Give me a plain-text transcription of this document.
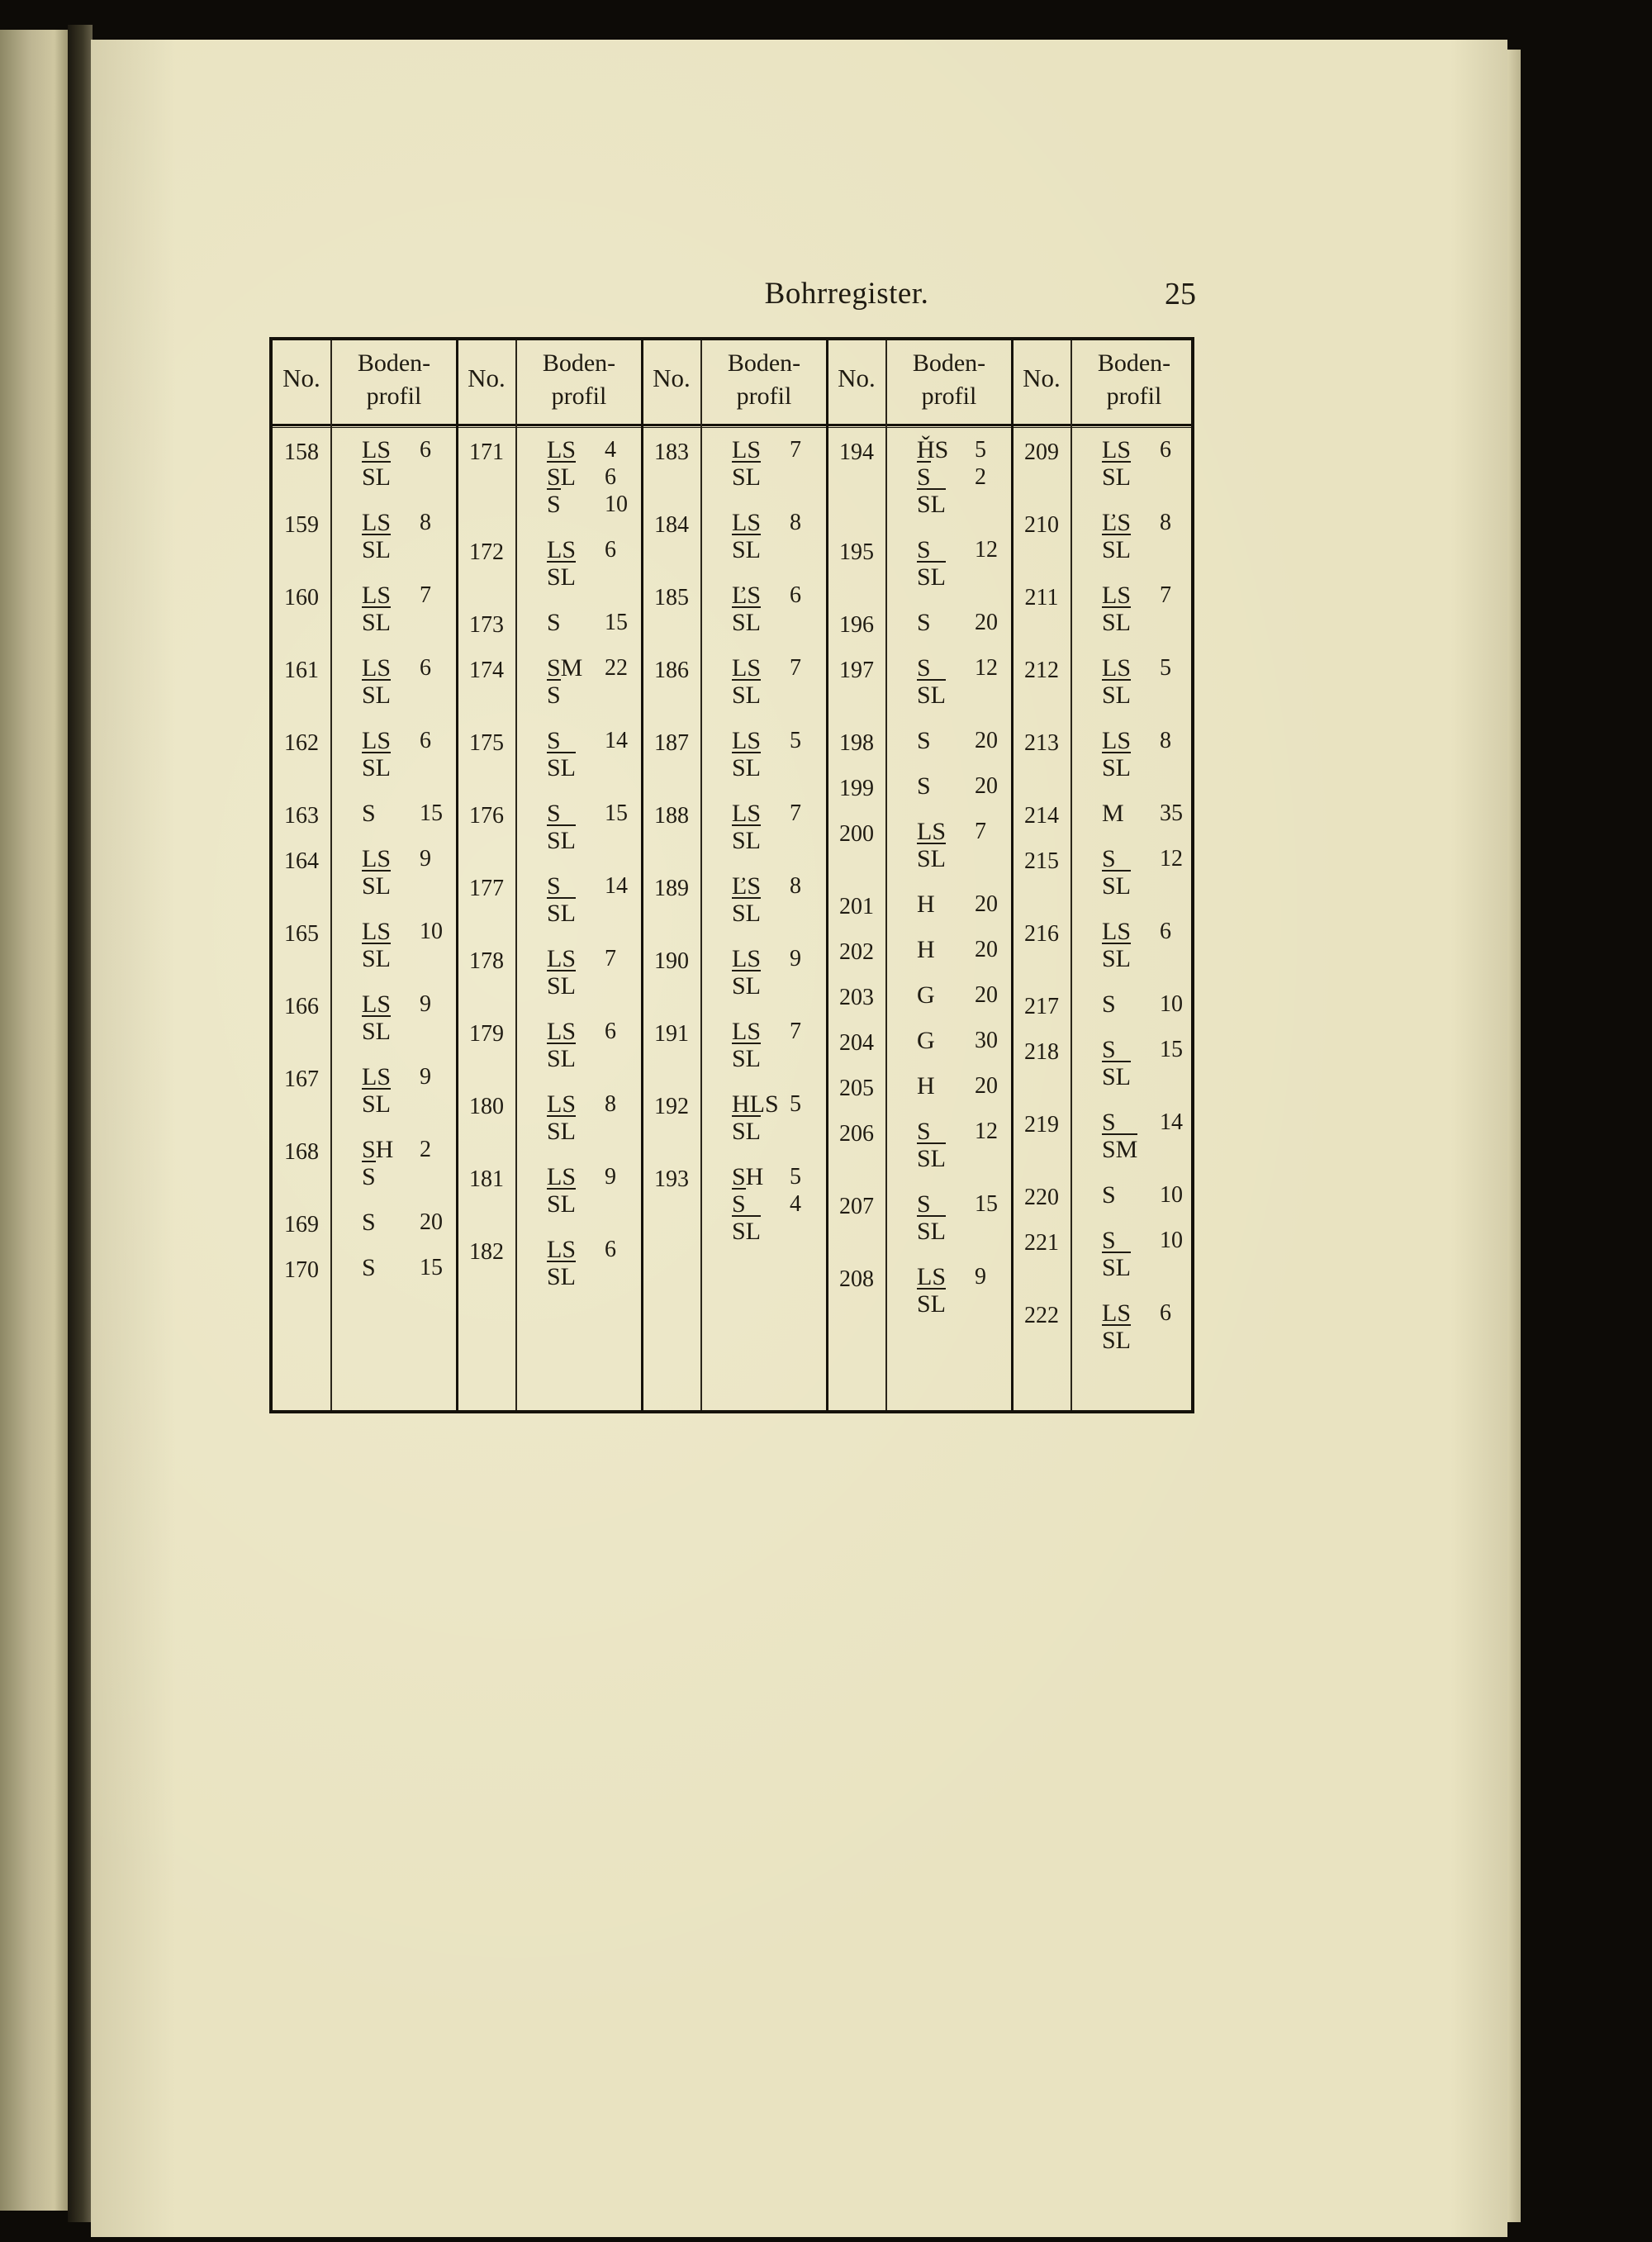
Bohrregister.	25
No.
Boden-
profil
158	LS 6
SL
159	LS 8
SL
160	LS 7
SL
161	LS 6
SL
162	LS 6
SL
163	S 15
164	LS 9
SL
165	LS 10
SL
166	LS 9
SL
167	LS 9
SL
168	SH 2
S
169	S 20
170	S 15
No.
Boden-
profil
171	LS 4
SL 6
S 10
172	LS 6
SL
173	S 15
174	SM 22
S
175	S 14
SL
176	S 15
SL
177	S 14
SL
178	LS 7
SL
179	LS 6
SL
180	LS 8
SL
181	LS 9
SL
182	LS 6
SL
No.
Boden-
profil
183	LS 7
SL
184	LS 8
SL
185	ĽS 6
SL
186	LS 7
SL
187	LS 5
SL
188	LS 7
SL
189	ĽS 8
SL
190	LS 9
SL
191	LS 7
SL
192	HLS 5
SL
193	SH 5
S 4
SL
No.
Boden-
profil
194	ȞS 5
S 2
SL
195	S 12
SL
196	S 20
197	S 12
SL
198	S 20
199	S 20
200	LS 7
SL
201	H 20
202	H 20
203	G 20
204	G 30
205	H 20
206	S 12
SL
207	S 15
SL
208	LS 9
SL
No.
Boden-
profil
209	LS 6
SL
210	ĽS 8
SL
211	LS 7
SL
212	LS 5
SL
213	LS 8
SL
214	M 35
215	S 12
SL
216	LS 6
SL
217	S 10
218	S 15
SL
219	S 14
SM
220	S 10
221	S 10
SL
222	LS 6
SL
